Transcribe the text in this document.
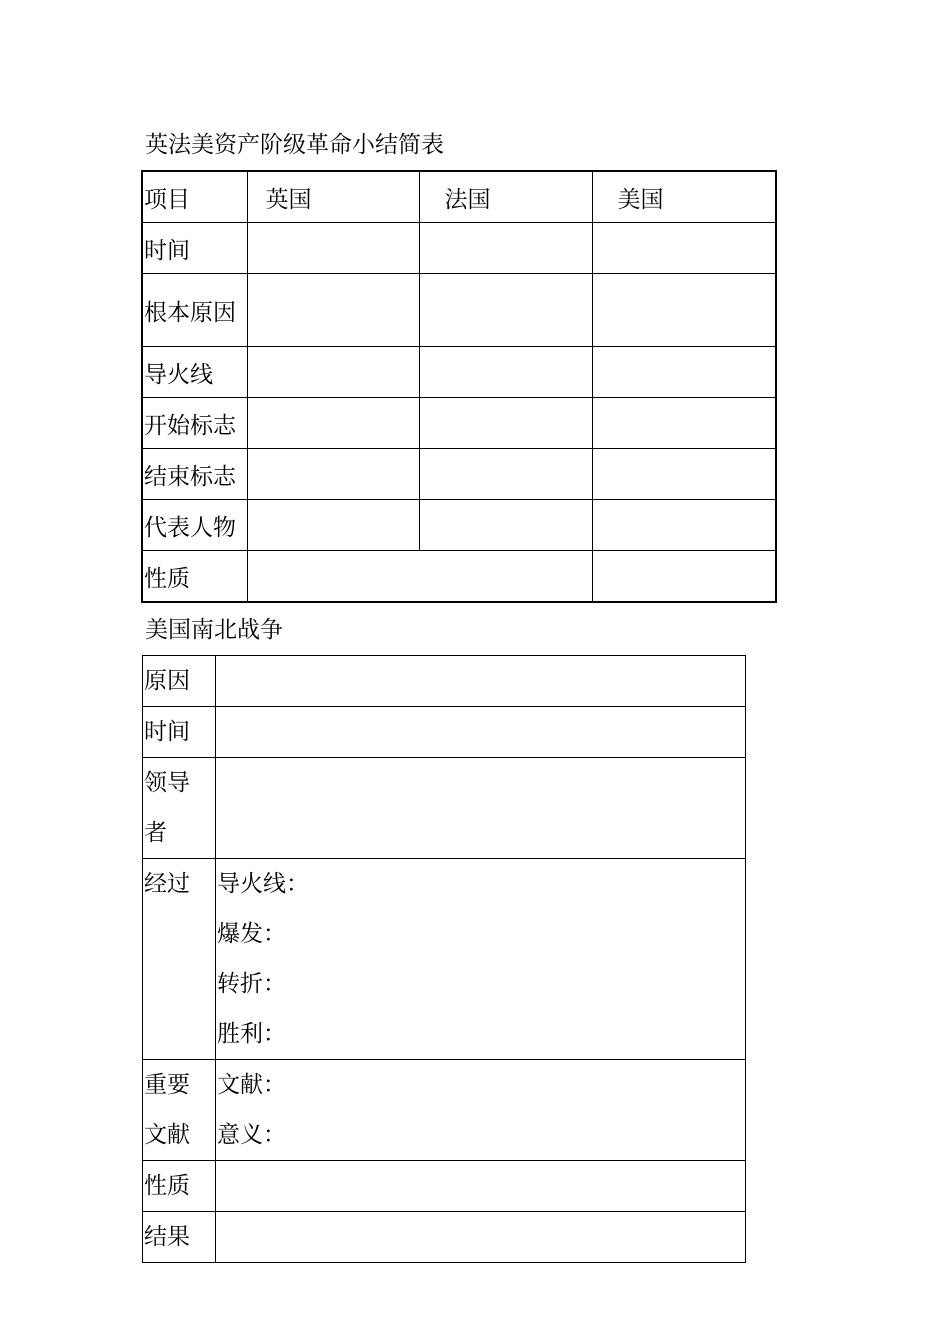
英法美资产阶级革命小结简表
项目	英国	法国	美国
时间			
根本原因			
导火线			
开始标志			
结束标志			
代表人物			
性质			
美国南北战争
原因	

时间	

领导
者	

经过	导火线：
爆发：
转折：
胜利：

重要
文献	文献：
意义：

性质	

结果	
